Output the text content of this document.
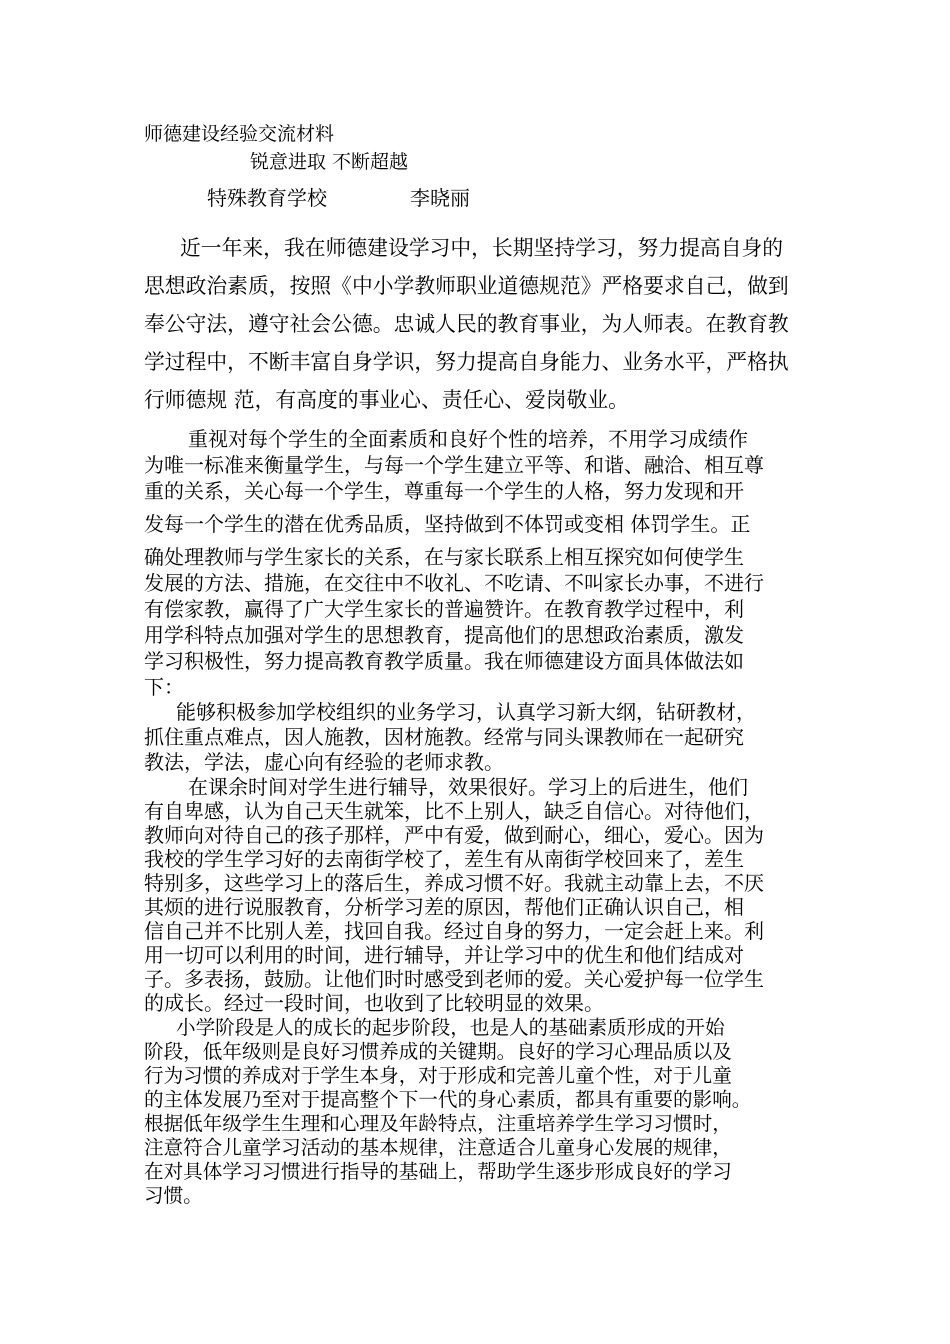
师德建设经验交流材料
锐意进取 不断超越
特殊教育学校	李晓丽
近一年来，我在师德建设学习中，长期坚持学习，努力提高自身的
思想政治素质，按照《中小学教师职业道德规范》严格要求自己，做到
奉公守法，遵守社会公德。忠诚人民的教育事业，为人师表。在教育教
学过程中，不断丰富自身学识，努力提高自身能力、业务水平，严格执
行师德规 范，有高度的事业心、责任心、爱岗敬业。
重视对每个学生的全面素质和良好个性的培养，不用学习成绩作
为唯一标准来衡量学生，与每一个学生建立平等、和谐、融洽、相互尊
重的关系，关心每一个学生，尊重每一个学生的人格，努力发现和开
发每一个学生的潜在优秀品质，坚持做到不体罚或变相 体罚学生。正
确处理教师与学生家长的关系，在与家长联系上相互探究如何使学生
发展的方法、措施，在交往中不收礼、不吃请、不叫家长办事，不进行
有偿家教，赢得了广大学生家长的普遍赞许。在教育教学过程中，利
用学科特点加强对学生的思想教育，提高他们的思想政治素质，激发
学习积极性，努力提高教育教学质量。我在师德建设方面具体做法如
下：
能够积极参加学校组织的业务学习，认真学习新大纲，钻研教材，
抓住重点难点，因人施教，因材施教。经常与同头课教师在一起研究
教法，学法，虚心向有经验的老师求教。
在课余时间对学生进行辅导，效果很好。学习上的后进生，他们
有自卑感，认为自己天生就笨，比不上别人，缺乏自信心。对待他们，
教师向对待自己的孩子那样，严中有爱，做到耐心，细心，爱心。因为
我校的学生学习好的去南街学校了，差生有从南街学校回来了，差生
特别多，这些学习上的落后生，养成习惯不好。我就主动靠上去，不厌
其烦的进行说服教育，分析学习差的原因，帮他们正确认识自己，相
信自己并不比别人差，找回自我。经过自身的努力，一定会赶上来。利
用一切可以利用的时间，进行辅导，并让学习中的优生和他们结成对
子。多表扬，鼓励。让他们时时感受到老师的爱。关心爱护每一位学生
的成长。经过一段时间，也收到了比较明显的效果。
小学阶段是人的成长的起步阶段，也是人的基础素质形成的开始
阶段，低年级则是良好习惯养成的关键期。良好的学习心理品质以及
行为习惯的养成对于学生本身，对于形成和完善儿童个性，对于儿童
的主体发展乃至对于提高整个下一代的身心素质，都具有重要的影响。
根据低年级学生生理和心理及年龄特点，注重培养学生学习习惯时，
注意符合儿童学习活动的基本规律，注意适合儿童身心发展的规律，
在对具体学习习惯进行指导的基础上，帮助学生逐步形成良好的学习
习惯。
